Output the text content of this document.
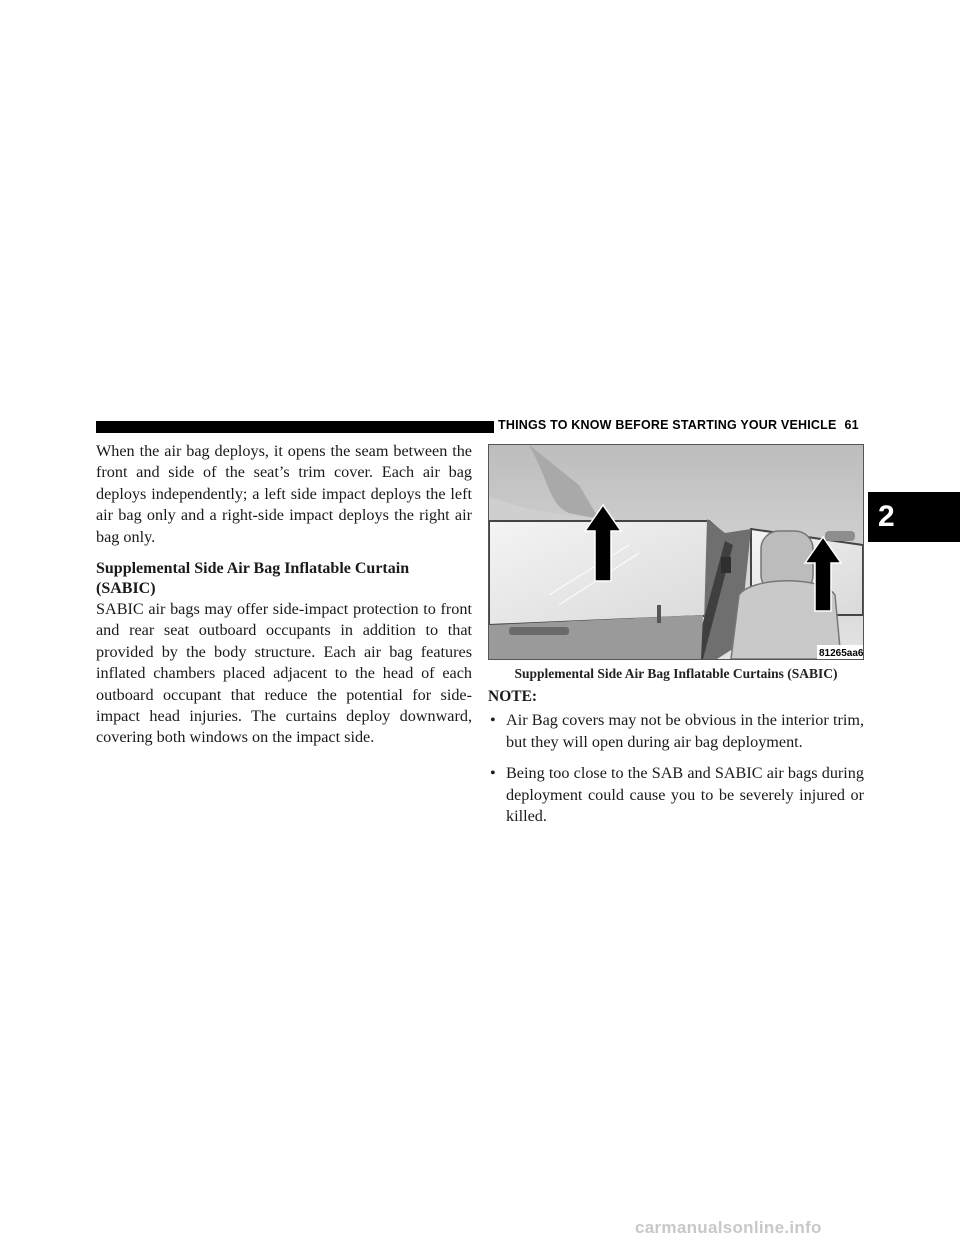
THINGS TO KNOW BEFORE STARTING YOUR VEHICLE 61
2

When the air bag deploys, it opens the seam between the front and side of the seat’s trim cover. Each air bag deploys independently; a left side impact deploys the left air bag only and a right-side impact deploys the right air bag only.

Supplemental Side Air Bag Inflatable Curtain (SABIC)

SABIC air bags may offer side-impact protection to front and rear seat outboard occupants in addition to that provided by the body structure. Each air bag features inflated chambers placed adjacent to the head of each outboard occupant that reduce the potential for side-impact head injuries. The curtains deploy downward, covering both windows on the impact side.

81265aa6
Supplemental Side Air Bag Inflatable Curtains (SABIC)
NOTE:
• Air Bag covers may not be obvious in the interior trim, but they will open during air bag deployment.
• Being too close to the SAB and SABIC air bags during deployment could cause you to be severely injured or killed.
carmanualsonline.info
